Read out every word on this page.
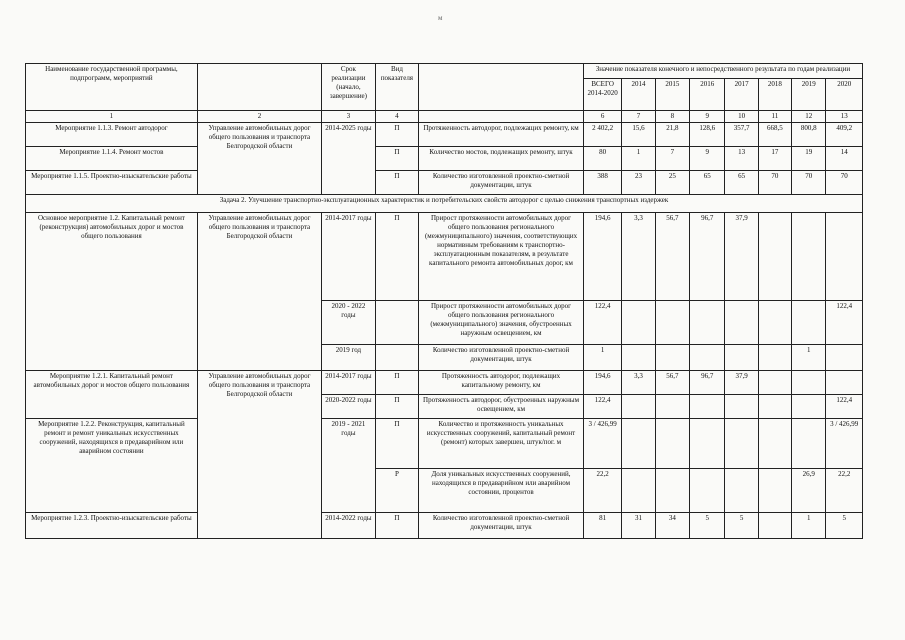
м
Наименование государственной программы, подпрограмм, мероприятий		Срок реализации (начало, завершение)	Вид показателя		Значение показателя конечного и непосредственного результата по годам реализации							
					ВСЕГО 2014-2020	2014	2015	2016	2017	2018	2019	2020
1	2	3	4		6	7	8	9	10	11	12	13
Мероприятие 1.1.3. Ремонт автодорог	Управление автомобильных дорог общего пользования и транспорта Белгородской области	2014-2025 годы	П	Протяженность автодорог, подлежащих ремонту, км	2 402,2	15,6	21,8	128,6	357,7	668,5	800,8	409,2
Мероприятие 1.1.4. Ремонт мостов			П	Количество мостов, подлежащих ремонту, штук	80	1	7	9	13	17	19	14
Мероприятие 1.1.5. Проектно-изыскательские работы			П	Количество изготовленной проектно-сметной документации, штук	388	23	25	65	65	70	70	70
Задача 2. Улучшение транспортно-эксплуатационных характеристик и потребительских свойств автодорог с целью снижения транспортных издержек												
Основное мероприятие 1.2. Капитальный ремонт (реконструкция) автомобильных дорог и мостов общего пользования	Управление автомобильных дорог общего пользования и транспорта Белгородской области	2014-2017 годы	П	Прирост протяженности автомобильных дорог общего пользования регионального (межмуниципального) значения, соответствующих нормативным требованиям к транспортно-эксплуатационным показателям, в результате капитального ремонта автомобильных дорог, км	194,6	3,3	56,7	96,7	37,9			
		2020 - 2022 годы		Прирост протяженности автомобильных дорог общего пользования регионального (межмуниципального) значения, обустроенных наружным освещением, км	122,4							122,4
		2019 год		Количество изготовленной проектно-сметной документации, штук	1						1	
Мероприятие 1.2.1. Капитальный ремонт автомобильных дорог и мостов общего пользования	Управление автомобильных дорог общего пользования и транспорта Белгородской области	2014-2017 годы	П	Протяженность автодорог, подлежащих капитальному ремонту, км	194,6	3,3	56,7	96,7	37,9			
		2020-2022 годы	П	Протяженность автодорог, обустроенных наружным освещением, км	122,4							122,4
Мероприятие 1.2.2. Реконструкция, капитальный ремонт и ремонт уникальных искусственных сооружений, находящихся в предаварийном или аварийном состоянии		2019 - 2021 годы	П	Количество и протяженность уникальных искусственных сооружений, капитальный ремонт (ремонт) которых завершен, штук/пог. м	3 / 426,99							3 / 426,99
			Р	Доля уникальных искусственных сооружений, находящихся в предаварийном или аварийном состоянии, процентов	22,2						26,9	22,2
Мероприятие 1.2.3. Проектно-изыскательские работы		2014-2022 годы	П	Количество изготовленной проектно-сметной документации, штук	81	31	34	5	5		1	5
